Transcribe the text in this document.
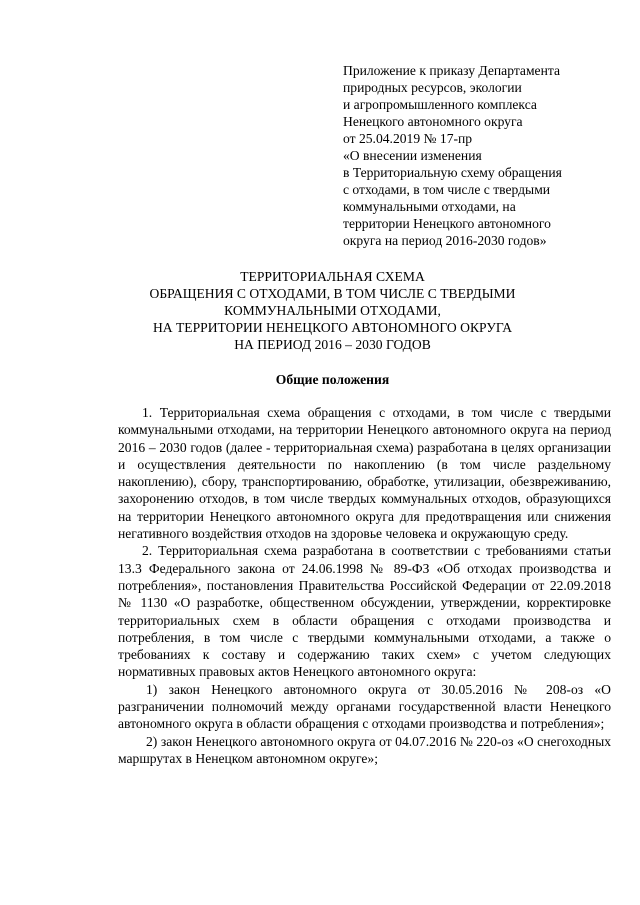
Приложение к приказу Департамента
природных ресурсов, экологии
и агропромышленного комплекса
Ненецкого автономного округа
от 25.04.2019 № 17-пр
«О внесении изменения
в Территориальную схему обращения
с отходами, в том числе с твердыми
коммунальными отходами, на
территории Ненецкого автономного
округа на период 2016-2030 годов»
ТЕРРИТОРИАЛЬНАЯ СХЕМА
ОБРАЩЕНИЯ С ОТХОДАМИ, В ТОМ ЧИСЛЕ С ТВЕРДЫМИ
КОММУНАЛЬНЫМИ ОТХОДАМИ,
НА ТЕРРИТОРИИ НЕНЕЦКОГО АВТОНОМНОГО ОКРУГА
НА ПЕРИОД 2016 – 2030 ГОДОВ
Общие положения

1. Территориальная схема обращения с отходами, в том числе с твердыми коммунальными отходами, на территории Ненецкого автономного округа на период 2016 – 2030 годов (далее - территориальная схема) разработана в целях организации и осуществления деятельности по накоплению (в том числе раздельному накоплению), сбору, транспортированию, обработке, утилизации, обезвреживанию, захоронению отходов, в том числе твердых коммунальных отходов, образующихся на территории Ненецкого автономного округа для предотвращения или снижения негативного воздействия отходов на здоровье человека и окружающую среду.

2. Территориальная схема разработана в соответствии с требованиями статьи 13.3 Федерального закона от 24.06.1998 № 89-ФЗ «Об отходах производства и потребления», постановления Правительства Российской Федерации от 22.09.2018 № 1130 «О разработке, общественном обсуждении, утверждении, корректировке территориальных схем в области обращения с отходами производства и потребления, в том числе с твердыми коммунальными отходами, а также о требованиях к составу и содержанию таких схем» с учетом следующих нормативных правовых актов Ненецкого автономного округа:

1) закон Ненецкого автономного округа от 30.05.2016 № 208-оз «О разграничении полномочий между органами государственной власти Ненецкого автономного округа в области обращения с отходами производства и потребления»;

2) закон Ненецкого автономного округа от 04.07.2016 № 220-оз «О снегоходных маршрутах в Ненецком автономном округе»;
